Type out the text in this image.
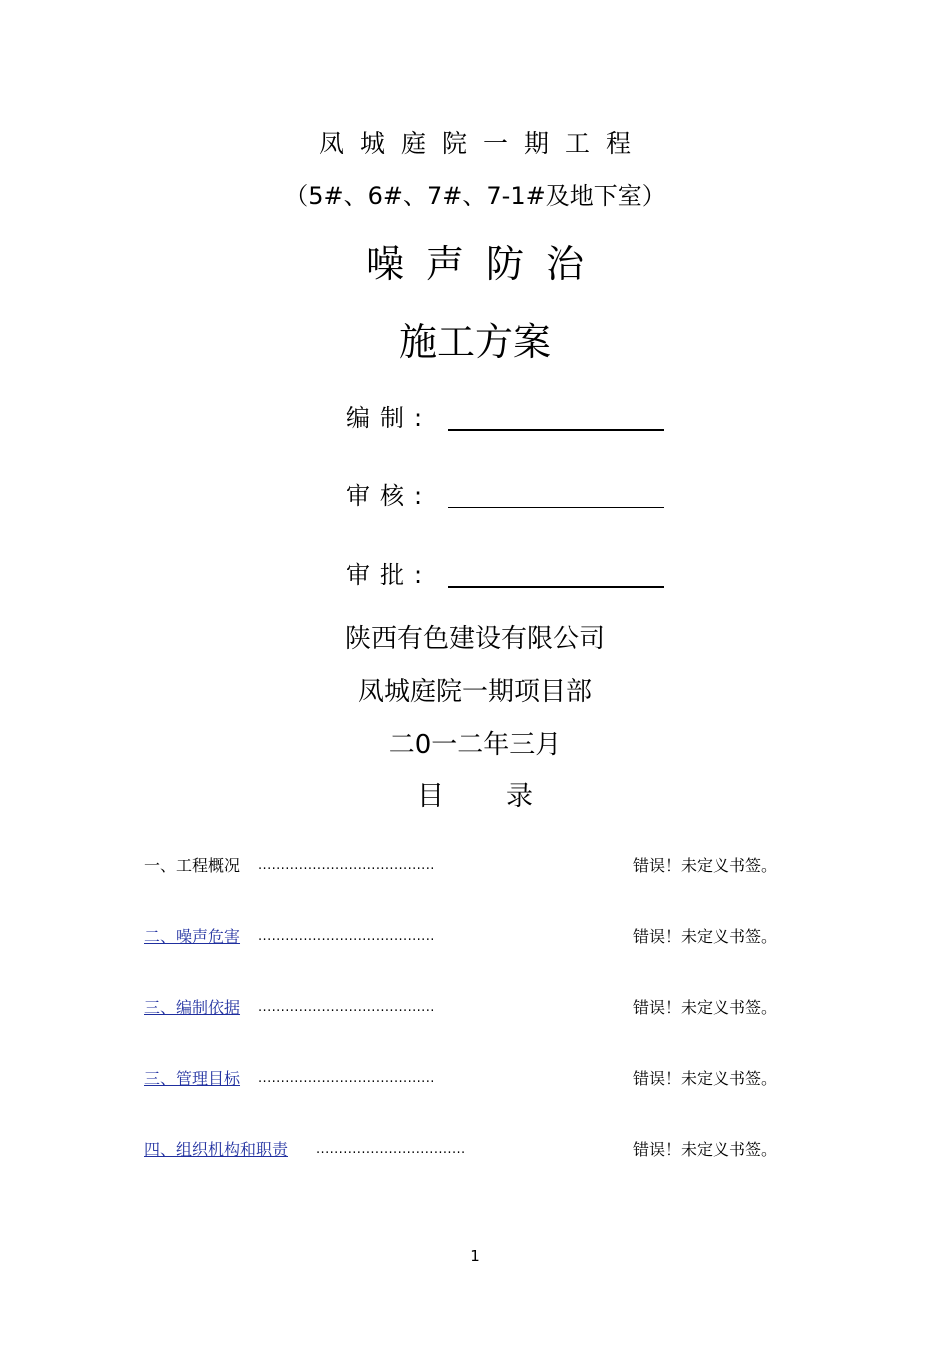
凤城庭院一期工程
（5#、6#、7#、7-1#及地下室）
噪声防治
施工方案
编制:
审核:
审批:
陕西有色建设有限公司
凤城庭院一期项目部
二0一二年三月
目 录
一、工程概况 .......................................	错误！未定义书签。
二、噪声危害 .......................................	错误！未定义书签。
三、编制依据 .......................................	错误！未定义书签。
三、管理目标 .......................................	错误！未定义书签。
四、组织机构和职责 .................................	错误！未定义书签。
1
